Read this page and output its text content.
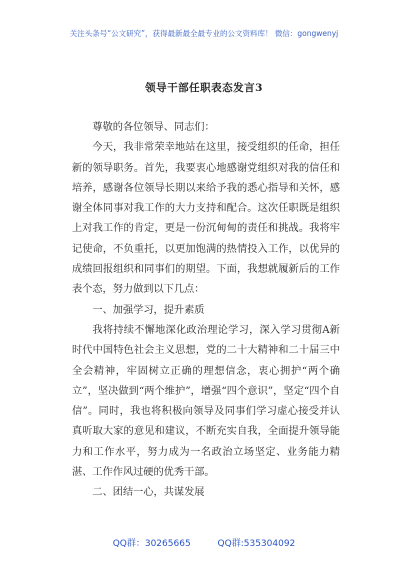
关注头条号“公文研究”，获得最新最全最专业的公文资料库！ 微信：gongwenyj
领导干部任职表态发言3

尊敬的各位领导、同志们：

今天，我非常荣幸地站在这里，接受组织的任命，担任新的领导职务。首先，我要衷心地感谢党组织对我的信任和培养，感谢各位领导长期以来给予我的悉心指导和关怀，感谢全体同事对我工作的大力支持和配合。这次任职既是组织上对我工作的肯定，更是一份沉甸甸的责任和挑战。我将牢记使命，不负重托，以更加饱满的热情投入工作，以优异的成绩回报组织和同事们的期望。下面，我想就履新后的工作表个态，努力做到以下几点：

一、加强学习，提升素质

我将持续不懈地深化政治理论学习，深入学习贯彻A新时代中国特色社会主义思想，党的二十大精神和二十届三中全会精神，牢固树立正确的理想信念，衷心拥护“两个确立”，坚决做到“两个维护”，增强“四个意识”，坚定“四个自信”。同时，我也将积极向领导及同事们学习虚心接受并认真听取大家的意见和建议，不断充实自我，全面提升领导能力和工作水平，努力成为一名政治立场坚定、业务能力精湛、工作作风过硬的优秀干部。

二、团结一心，共谋发展

QQ群：30265665	QQ群:535304092
